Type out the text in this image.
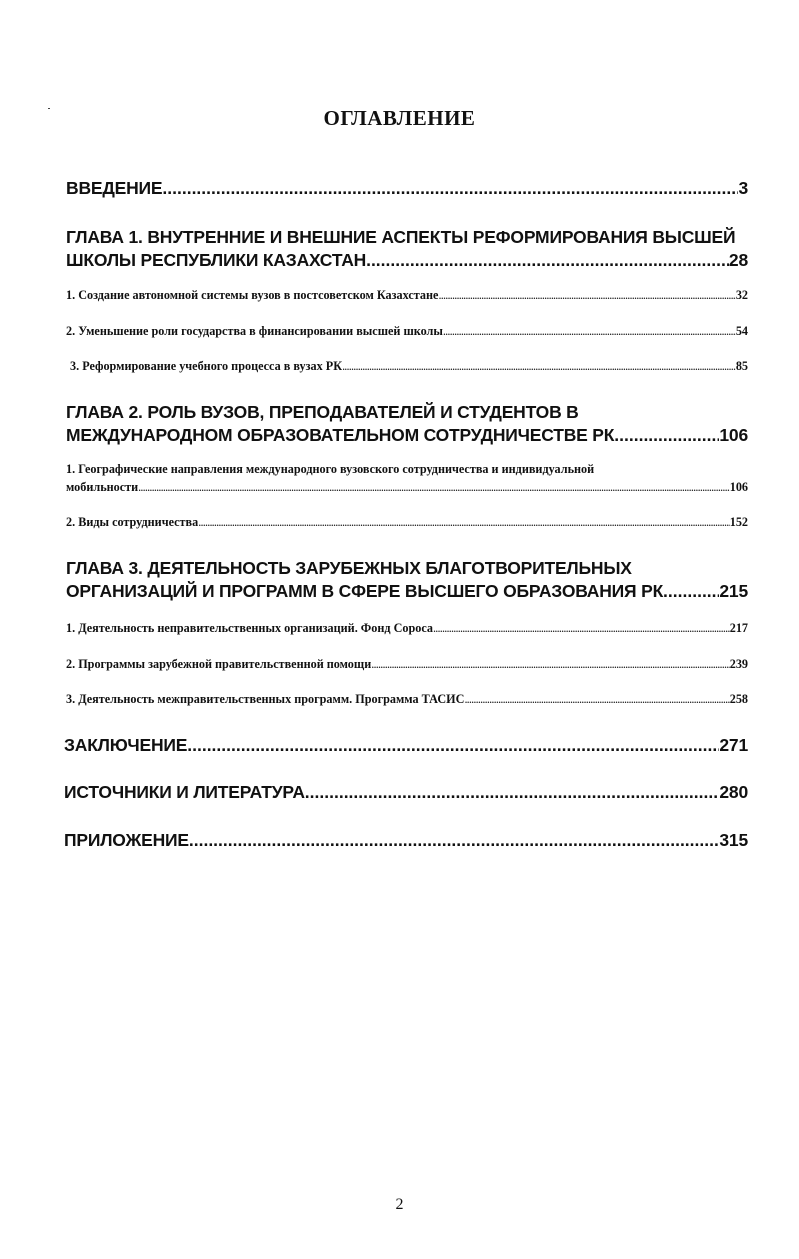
ОГЛАВЛЕНИЕ
ВВЕДЕНИЕ .....	3
ГЛАВА 1. ВНУТРЕННИЕ И ВНЕШНИЕ АСПЕКТЫ РЕФОРМИРОВАНИЯ ВЫСШЕЙ
ШКОЛЫ РЕСПУБЛИКИ КАЗАХСТАН .....	28
1. Создание автономной системы вузов в постсоветском Казахстане .....	32
2. Уменьшение роли государства в финансировании высшей школы .....	54
3. Реформирование учебного процесса в вузах РК .....	85
ГЛАВА 2. РОЛЬ ВУЗОВ, ПРЕПОДАВАТЕЛЕЙ И СТУДЕНТОВ В
МЕЖДУНАРОДНОМ ОБРАЗОВАТЕЛЬНОМ СОТРУДНИЧЕСТВЕ РК .....	106
1. Географические направления международного вузовского сотрудничества и индивидуальной
мобильности .....	106
2. Виды сотрудничества .....	152
ГЛАВА 3. ДЕЯТЕЛЬНОСТЬ ЗАРУБЕЖНЫХ БЛАГОТВОРИТЕЛЬНЫХ
ОРГАНИЗАЦИЙ И ПРОГРАММ В СФЕРЕ ВЫСШЕГО ОБРАЗОВАНИЯ РК .....	215
1. Деятельность неправительственных организаций. Фонд Сороса .....	217
2. Программы зарубежной правительственной помощи .....	239
3. Деятельность межправительственных программ. Программа ТАСИС .....	258
ЗАКЛЮЧЕНИЕ .....	271
ИСТОЧНИКИ И ЛИТЕРАТУРА .....	280
ПРИЛОЖЕНИЕ .....	315
2
